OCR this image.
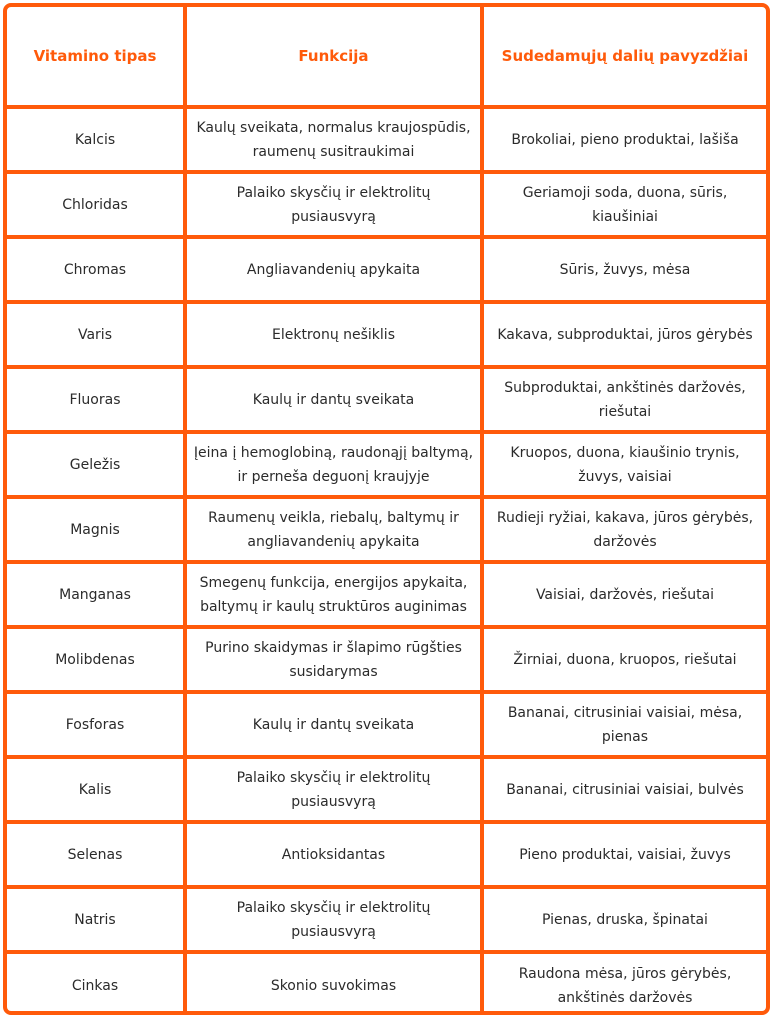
Vitamino tipas	Funkcija	Sudedamųjų dalių pavyzdžiai
Kalcis	Kaulų sveikata, normalus kraujospūdis, raumenų susitraukimai	Brokoliai, pieno produktai, lašiša
Chloridas	Palaiko skysčių ir elektrolitų pusiausvyrą	Geriamoji soda, duona, sūris, kiaušiniai
Chromas	Angliavandenių apykaita	Sūris, žuvys, mėsa
Varis	Elektronų nešiklis	Kakava, subproduktai, jūros gėrybės
Fluoras	Kaulų ir dantų sveikata	Subproduktai, ankštinės daržovės, riešutai
Geležis	Įeina į hemoglobiną, raudonąjį baltymą, ir perneša deguonį kraujyje	Kruopos, duona, kiaušinio trynis, žuvys, vaisiai
Magnis	Raumenų veikla, riebalų, baltymų ir angliavandenių apykaita	Rudieji ryžiai, kakava, jūros gėrybės, daržovės
Manganas	Smegenų funkcija, energijos apykaita, baltymų ir kaulų struktūros auginimas	Vaisiai, daržovės, riešutai
Molibdenas	Purino skaidymas ir šlapimo rūgšties susidarymas	Žirniai, duona, kruopos, riešutai
Fosforas	Kaulų ir dantų sveikata	Bananai, citrusiniai vaisiai, mėsa, pienas
Kalis	Palaiko skysčių ir elektrolitų pusiausvyrą	Bananai, citrusiniai vaisiai, bulvės
Selenas	Antioksidantas	Pieno produktai, vaisiai, žuvys
Natris	Palaiko skysčių ir elektrolitų pusiausvyrą	Pienas, druska, špinatai
Cinkas	Skonio suvokimas	Raudona mėsa, jūros gėrybės, ankštinės daržovės
